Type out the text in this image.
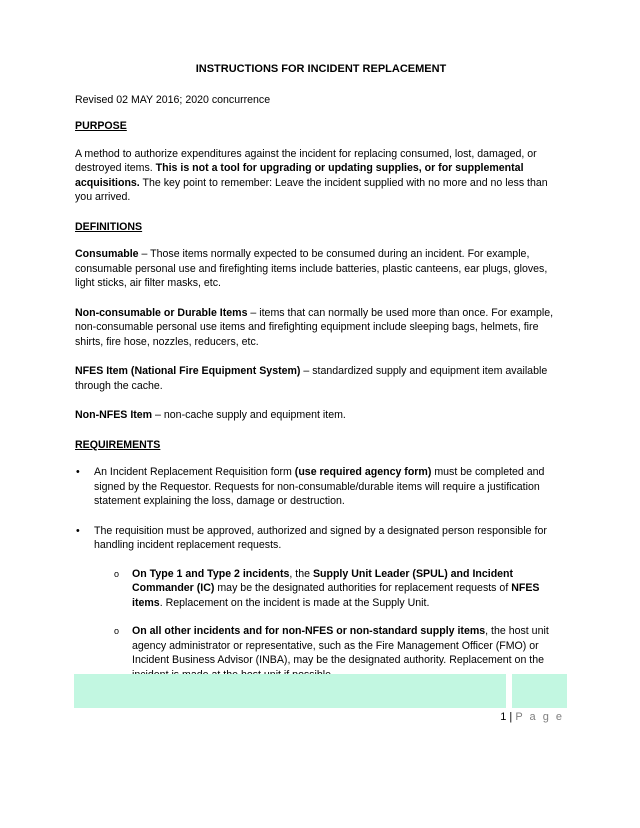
INSTRUCTIONS FOR INCIDENT REPLACEMENT
Revised 02 MAY 2016; 2020 concurrence
PURPOSE

A method to authorize expenditures against the incident for replacing consumed, lost, damaged, or destroyed items. This is not a tool for upgrading or updating supplies, or for supplemental acquisitions. The key point to remember: Leave the incident supplied with no more and no less than you arrived.

DEFINITIONS

Consumable – Those items normally expected to be consumed during an incident. For example, consumable personal use and firefighting items include batteries, plastic canteens, ear plugs, gloves, light sticks, air filter masks, etc.

Non-consumable or Durable Items – items that can normally be used more than once. For example, non-consumable personal use items and firefighting equipment include sleeping bags, helmets, fire shirts, fire hose, nozzles, reducers, etc.

NFES Item (National Fire Equipment System) – standardized supply and equipment item available through the cache.

Non-NFES Item – non-cache supply and equipment item.

REQUIREMENTS
• An Incident Replacement Requisition form (use required agency form) must be completed and signed by the Requestor. Requests for non-consumable/durable items will require a justification statement explaining the loss, damage or destruction.
• The requisition must be approved, authorized and signed by a designated person responsible for handling incident replacement requests.
o On Type 1 and Type 2 incidents, the Supply Unit Leader (SPUL) and Incident Commander (IC) may be the designated authorities for replacement requests of NFES items. Replacement on the incident is made at the Supply Unit.
o On all other incidents and for non-NFES or non-standard supply items, the host unit agency administrator or representative, such as the Fire Management Officer (FMO) or Incident Business Advisor (INBA), may be the designated authority. Replacement on the
1 | P a g e
